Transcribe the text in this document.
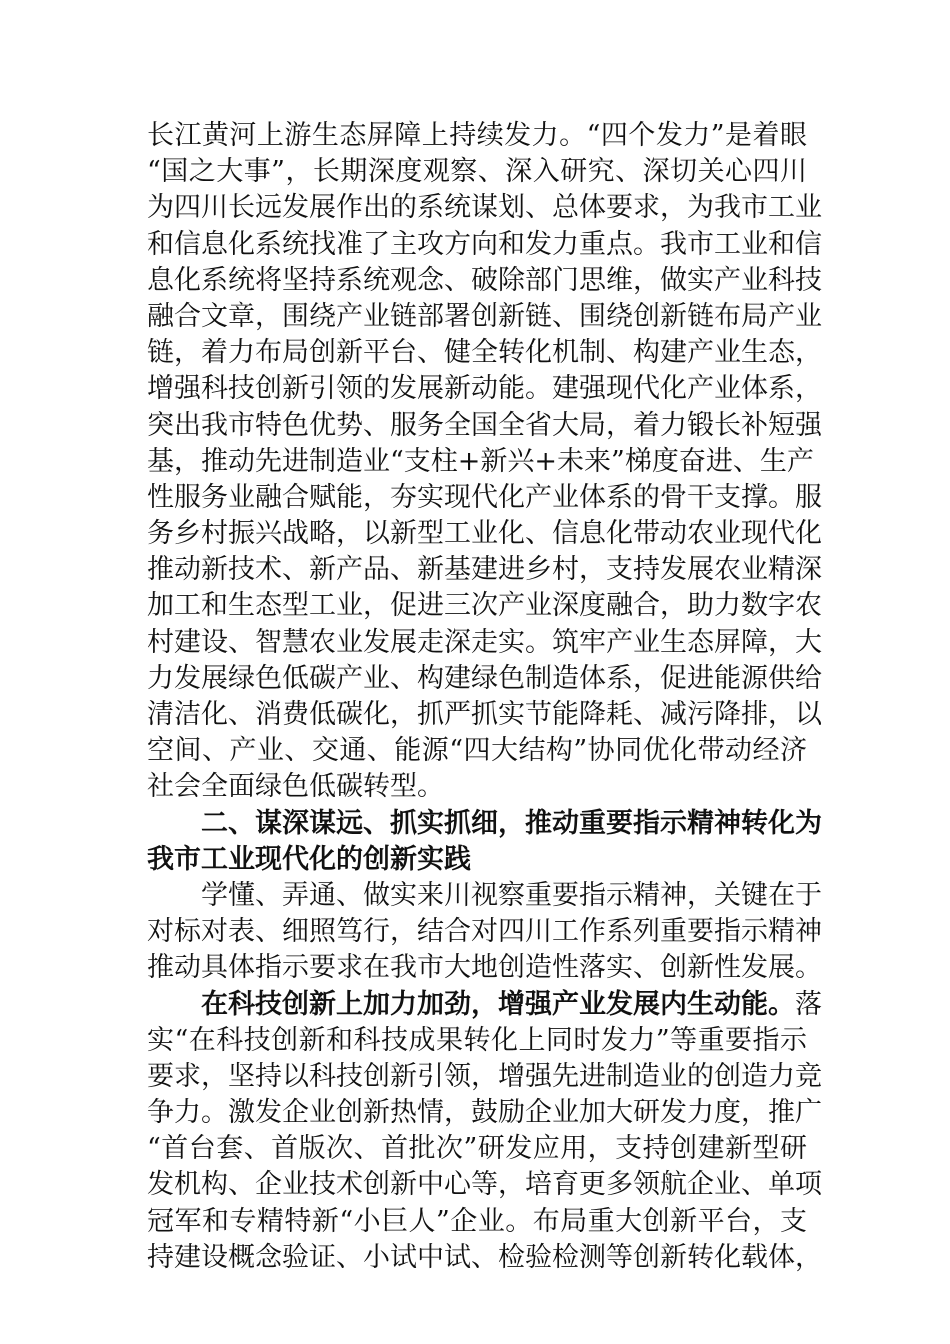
长江黄河上游生态屏障上持续发力。“四个发力”是着眼
“国之大事”，长期深度观察、深入研究、深切关心四川
为四川长远发展作出的系统谋划、总体要求，为我市工业
和信息化系统找准了主攻方向和发力重点。我市工业和信
息化系统将坚持系统观念、破除部门思维，做实产业科技
融合文章，围绕产业链部署创新链、围绕创新链布局产业
链，着力布局创新平台、健全转化机制、构建产业生态，
增强科技创新引领的发展新动能。建强现代化产业体系，
突出我市特色优势、服务全国全省大局，着力锻长补短强
基，推动先进制造业“支柱+新兴+未来”梯度奋进、生产
性服务业融合赋能，夯实现代化产业体系的骨干支撑。服
务乡村振兴战略，以新型工业化、信息化带动农业现代化
推动新技术、新产品、新基建进乡村，支持发展农业精深
加工和生态型工业，促进三次产业深度融合，助力数字农
村建设、智慧农业发展走深走实。筑牢产业生态屏障，大
力发展绿色低碳产业、构建绿色制造体系，促进能源供给
清洁化、消费低碳化，抓严抓实节能降耗、减污降排，以
空间、产业、交通、能源“四大结构”协同优化带动经济
社会全面绿色低碳转型。
二、谋深谋远、抓实抓细，推动重要指示精神转化为
我市工业现代化的创新实践
学懂、弄通、做实来川视察重要指示精神，关键在于
对标对表、细照笃行，结合对四川工作系列重要指示精神
推动具体指示要求在我市大地创造性落实、创新性发展。
在科技创新上加力加劲，增强产业发展内生动能。落
实“在科技创新和科技成果转化上同时发力”等重要指示
要求，坚持以科技创新引领，增强先进制造业的创造力竞
争力。激发企业创新热情，鼓励企业加大研发力度，推广
“首台套、首版次、首批次”研发应用，支持创建新型研
发机构、企业技术创新中心等，培育更多领航企业、单项
冠军和专精特新“小巨人”企业。布局重大创新平台，支
持建设概念验证、小试中试、检验检测等创新转化载体，
